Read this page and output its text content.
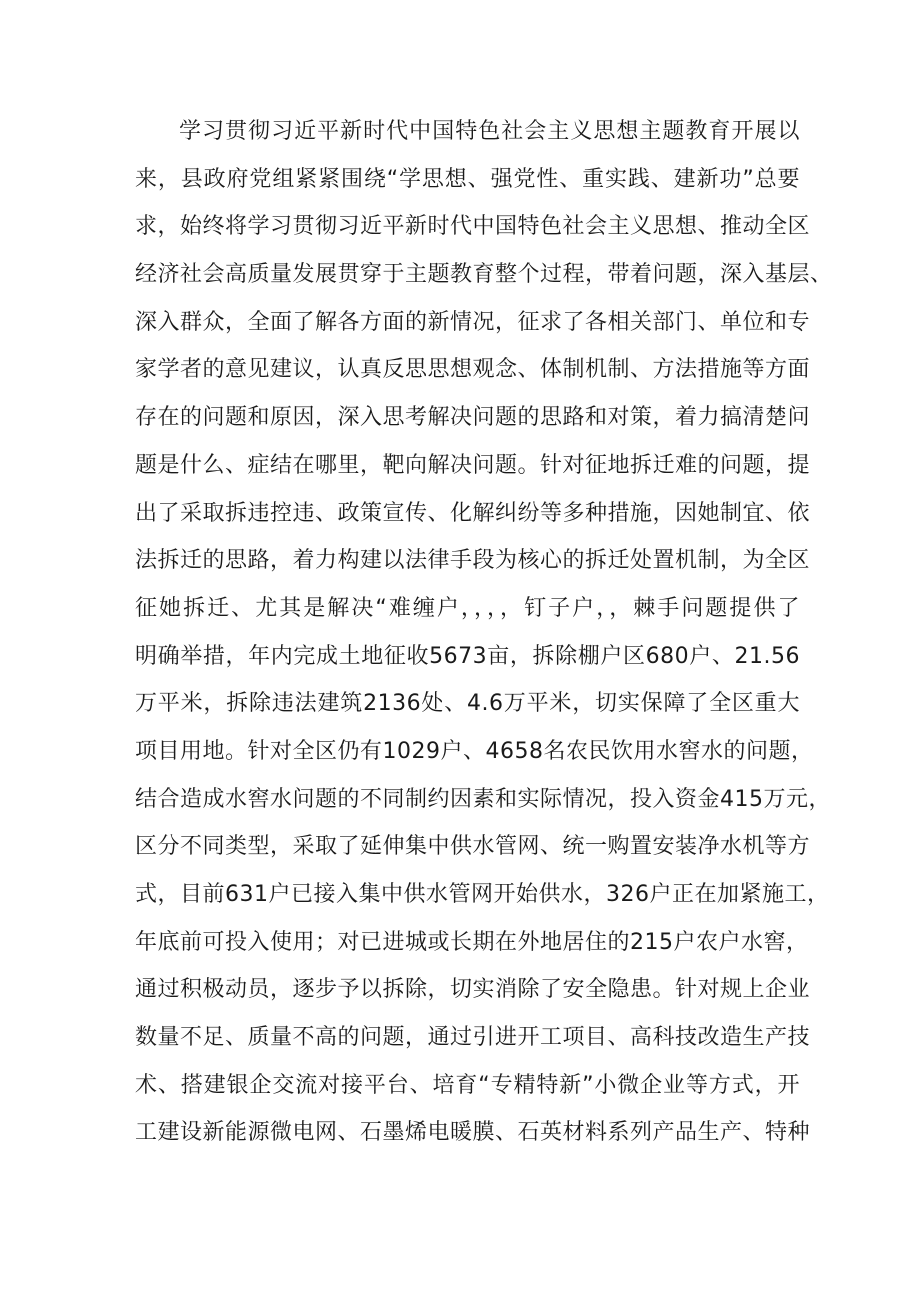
学习贯彻习近平新时代中国特色社会主义思想主题教育开展以
来，县政府党组紧紧围绕“学思想、强党性、重实践、建新功”总要
求，始终将学习贯彻习近平新时代中国特色社会主义思想、推动全区
经济社会高质量发展贯穿于主题教育整个过程，带着问题，深入基层、
深入群众，全面了解各方面的新情况，征求了各相关部门、单位和专
家学者的意见建议，认真反思思想观念、体制机制、方法措施等方面
存在的问题和原因，深入思考解决问题的思路和对策，着力搞清楚问
题是什么、症结在哪里，靶向解决问题。针对征地拆迁难的问题，提
出了采取拆违控违、政策宣传、化解纠纷等多种措施，因她制宜、依
法拆迁的思路，着力构建以法律手段为核心的拆迁处置机制，为全区
征她拆迁、尤其是解决“难缠户，，，，钉子户，，棘手问题提供了
明确举措，年内完成土地征收5673亩，拆除棚户区680户、21.56
万平米，拆除违法建筑2136处、4.6万平米，切实保障了全区重大
项目用地。针对全区仍有1029户、4658名农民饮用水窖水的问题，
结合造成水窖水问题的不同制约因素和实际情况，投入资金415万元，
区分不同类型，采取了延伸集中供水管网、统一购置安装净水机等方
式，目前631户已接入集中供水管网开始供水，326户正在加紧施工，
年底前可投入使用；对已进城或长期在外地居住的215户农户水窖，
通过积极动员，逐步予以拆除，切实消除了安全隐患。针对规上企业
数量不足、质量不高的问题，通过引进开工项目、高科技改造生产技
术、搭建银企交流对接平台、培育“专精特新”小微企业等方式，开
工建设新能源微电网、石墨烯电暖膜、石英材料系列产品生产、特种
